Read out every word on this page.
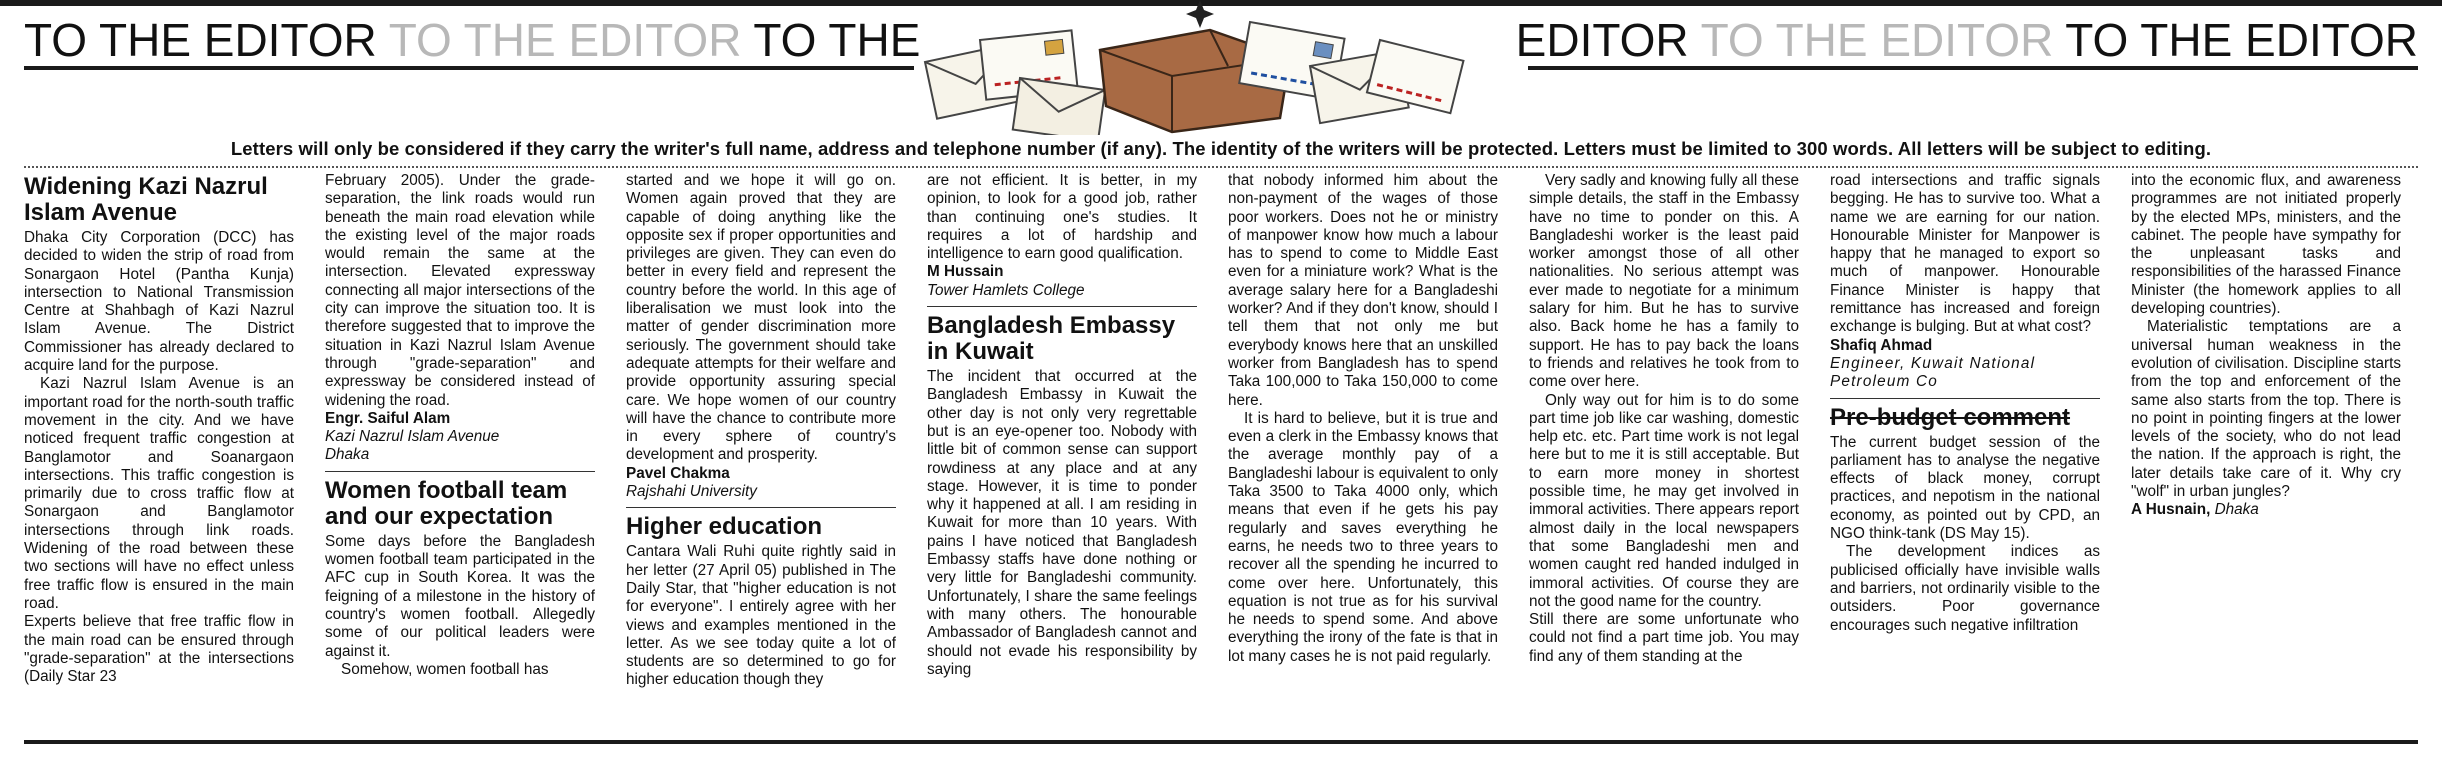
TO THE EDITOR TO THE EDITOR TO THE	EDITOR TO THE EDITOR TO THE EDITOR
Letters will only be considered if they carry the writer's full name, address and telephone number (if any). The identity of the writers will be protected. Letters must be limited to 300 words. All letters will be subject to editing.
Widening Kazi Nazrul Islam Avenue

Dhaka City Corporation (DCC) has decided to widen the strip of road from Sonargaon Hotel (Pantha Kunja) intersection to National Transmission Centre at Shahbagh of Kazi Nazrul Islam Avenue. The District Commissioner has already declared to acquire land for the purpose.

Kazi Nazrul Islam Avenue is an important road for the north-south traffic movement in the city. And we have noticed frequent traffic congestion at Banglamotor and Soanargaon intersections. This traffic congestion is primarily due to cross traffic flow at Sonargaon and Banglamotor intersections through link roads. Widening of the road between these two sections will have no effect unless free traffic flow is ensured in the main road.

Experts believe that free traffic flow in the main road can be ensured through "grade-separation" at the intersections (Daily Star 23

February 2005). Under the grade-separation, the link roads would run beneath the main road elevation while the existing level of the major roads would remain the same at the intersection. Elevated expressway connecting all major intersections of the city can improve the situation too. It is therefore suggested that to improve the situation in Kazi Nazrul Islam Avenue through "grade-separation" and expressway be considered instead of widening the road.

Engr. Saiful Alam
Kazi Nazrul Islam Avenue
Dhaka
Women football team and our expectation

Some days before the Bangladesh women football team participated in the AFC cup in South Korea. It was the feigning of a milestone in the history of country's women football. Allegedly some of our political leaders were against it.

Somehow, women football has

started and we hope it will go on. Women again proved that they are capable of doing anything like the opposite sex if proper opportunities and privileges are given. They can even do better in every field and represent the country before the world. In this age of liberalisation we must look into the matter of gender discrimination more seriously. The government should take adequate attempts for their welfare and provide opportunity assuring special care. We hope women of our country will have the chance to contribute more in every sphere of country's development and prosperity.

Pavel Chakma
Rajshahi University
Higher education

Cantara Wali Ruhi quite rightly said in her letter (27 April 05) published in The Daily Star, that "higher education is not for everyone". I entirely agree with her views and examples mentioned in the letter. As we see today quite a lot of students are so determined to go for higher education though they

are not efficient. It is better, in my opinion, to look for a good job, rather than continuing one's studies. It requires a lot of hardship and intelligence to earn good qualification.

M Hussain
Tower Hamlets College
Bangladesh Embassy in Kuwait

The incident that occurred at the Bangladesh Embassy in Kuwait the other day is not only very regrettable but is an eye-opener too. Nobody with little bit of common sense can support rowdiness at any place and at any stage. However, it is time to ponder why it happened at all. I am residing in Kuwait for more than 10 years. With pains I have noticed that Bangladesh Embassy staffs have done nothing or very little for Bangladeshi community. Unfortunately, I share the same feelings with many others. The honourable Ambassador of Bangladesh cannot and should not evade his responsibility by saying

that nobody informed him about the non-payment of the wages of those poor workers. Does not he or ministry of manpower know how much a labour has to spend to come to Middle East even for a miniature work? What is the average salary here for a Bangladeshi worker? And if they don't know, should I tell them that not only me but everybody knows here that an unskilled worker from Bangladesh has to spend Taka 100,000 to Taka 150,000 to come here.

It is hard to believe, but it is true and even a clerk in the Embassy knows that the average monthly pay of a Bangladeshi labour is equivalent to only Taka 3500 to Taka 4000 only, which means that even if he gets his pay regularly and saves everything he earns, he needs two to three years to recover all the spending he incurred to come over here. Unfortunately, this equation is not true as for his survival he needs to spend some. And above everything the irony of the fate is that in lot many cases he is not paid regularly.

Very sadly and knowing fully all these simple details, the staff in the Embassy have no time to ponder on this. A Bangladeshi worker is the least paid worker amongst those of all other nationalities. No serious attempt was ever made to negotiate for a minimum salary for him. But he has to survive also. Back home he has a family to support. He has to pay back the loans to friends and relatives he took from to come over here.

Only way out for him is to do some part time job like car washing, domestic help etc. etc. Part time work is not legal here but to me it is still acceptable. But to earn more money in shortest possible time, he may get involved in immoral activities. There appears report almost daily in the local newspapers that some Bangladeshi men and women caught red handed indulged in immoral activities. Of course they are not the good name for the country.

Still there are some unfortunate who could not find a part time job. You may find any of them standing at the

road intersections and traffic signals begging. He has to survive too. What a name we are earning for our nation. Honourable Minister for Manpower is happy that he managed to export so much of manpower. Honourable Finance Minister is happy that remittance has increased and foreign exchange is bulging. But at what cost?

Shafiq Ahmad
Engineer, Kuwait National Petroleum Co
Pre-budget comment

The current budget session of the parliament has to analyse the negative effects of black money, corrupt practices, and nepotism in the national economy, as pointed out by CPD, an NGO think-tank (DS May 15).

The development indices as publicised officially have invisible walls and barriers, not ordinarily visible to the outsiders. Poor governance encourages such negative infiltration

into the economic flux, and awareness programmes are not initiated properly by the elected MPs, ministers, and the cabinet. The people have sympathy for the unpleasant tasks and responsibilities of the harassed Finance Minister (the homework applies to all developing countries).

Materialistic temptations are a universal human weakness in the evolution of civilisation. Discipline starts from the top and enforcement of the same also starts from the top. There is no point in pointing fingers at the lower levels of the society, who do not lead the nation. If the approach is right, the later details take care of it. Why cry "wolf" in urban jungles?

A Husnain, Dhaka
